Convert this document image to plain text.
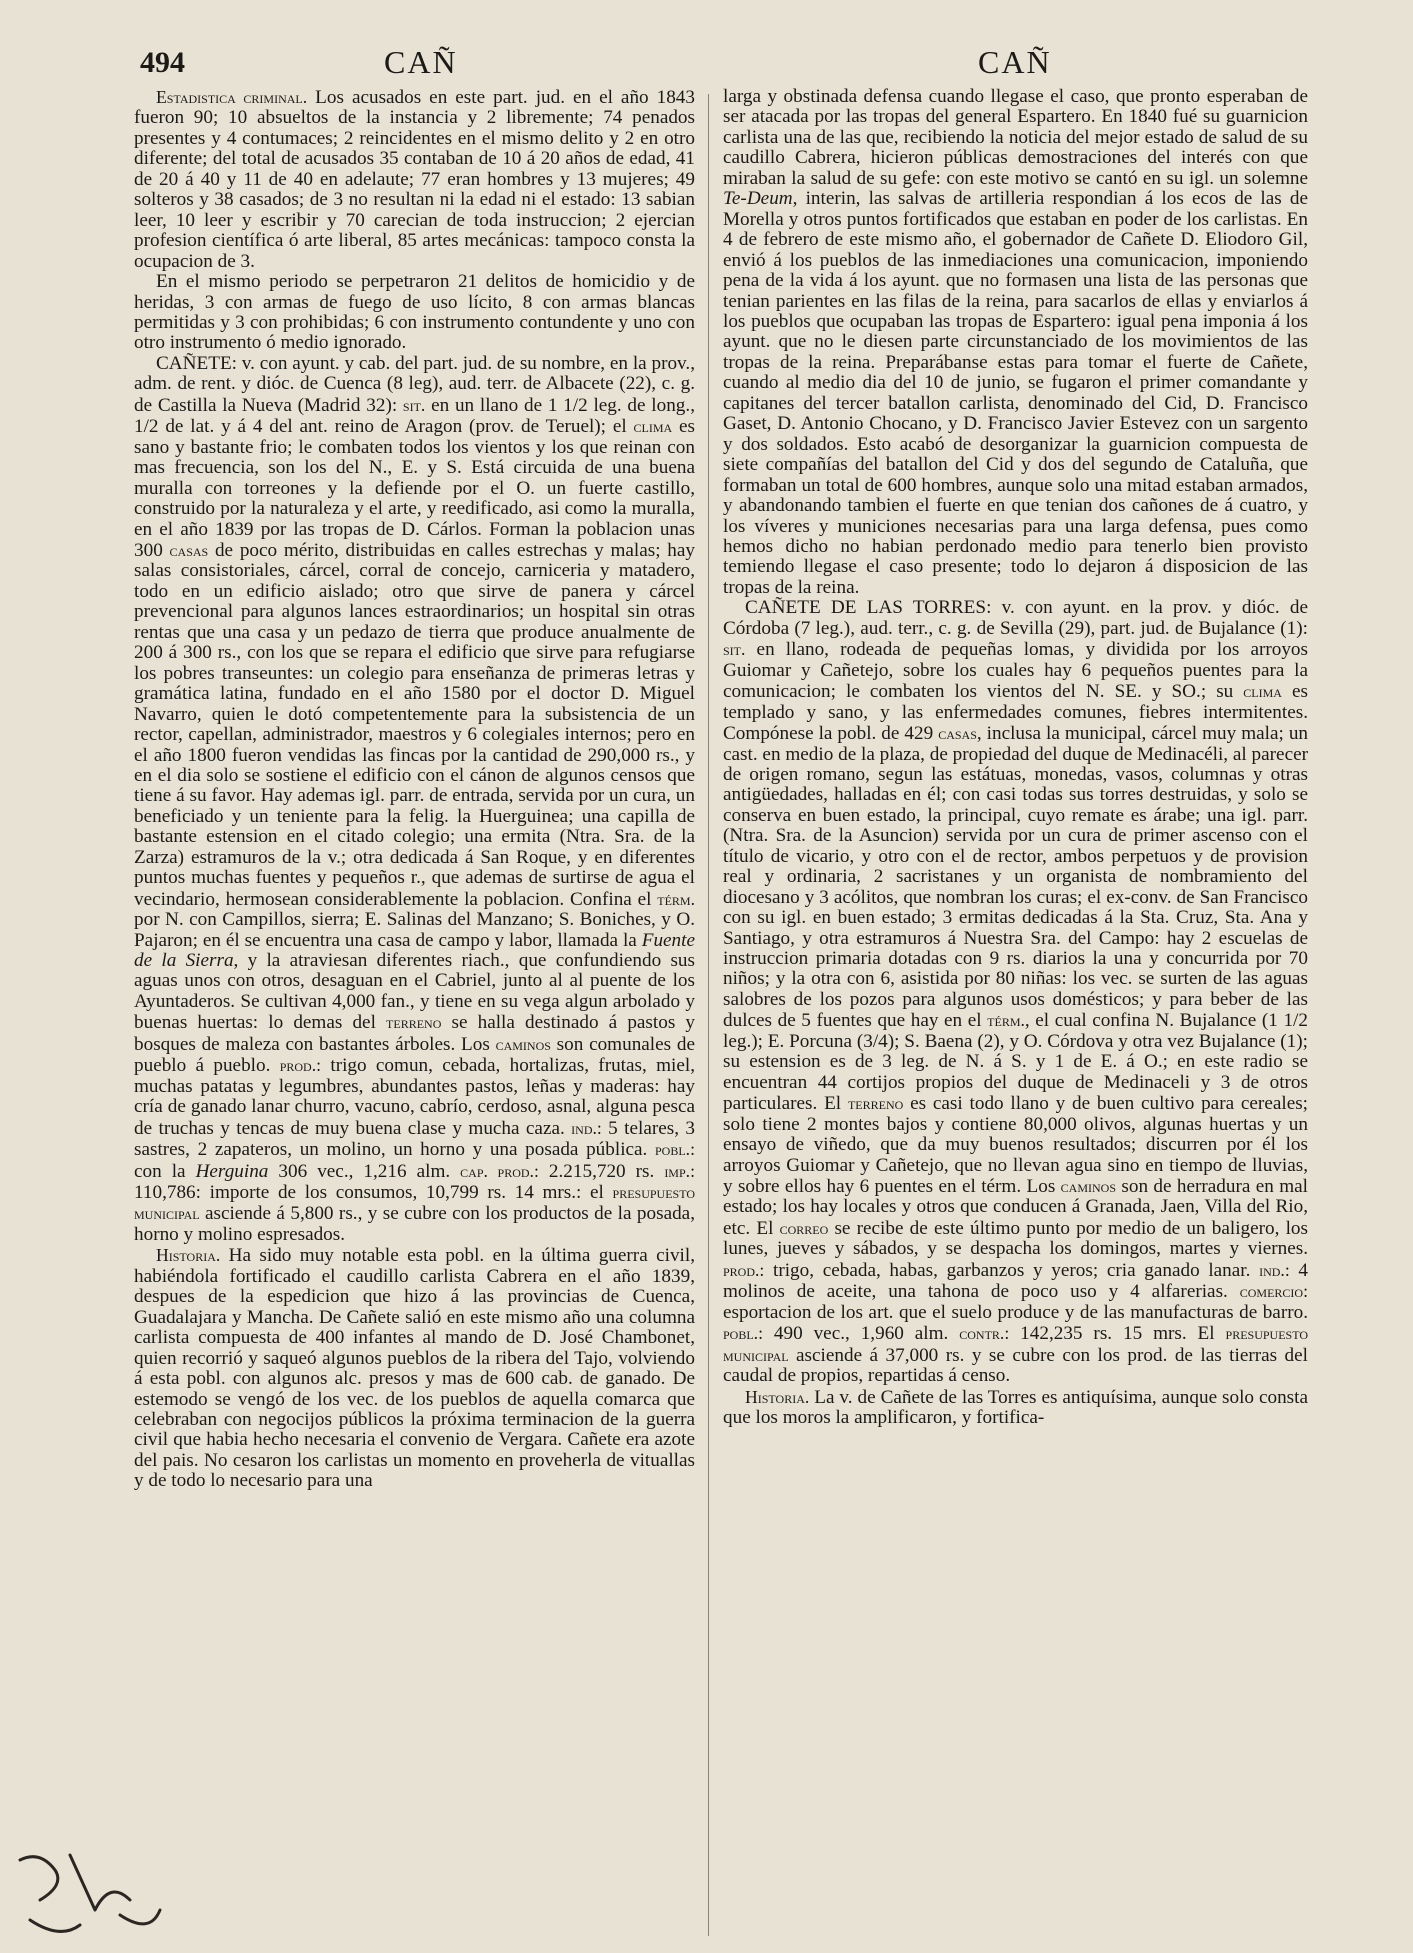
494	CAÑ	CAÑ

Estadistica criminal. Los acusados en este part. jud. en el año 1843 fueron 90; 10 absueltos de la instancia y 2 libremente; 74 penados presentes y 4 contumaces; 2 reincidentes en el mismo delito y 2 en otro diferente; del total de acusados 35 contaban de 10 á 20 años de edad, 41 de 20 á 40 y 11 de 40 en adelaute; 77 eran hombres y 13 mujeres; 49 solteros y 38 casados; de 3 no resultan ni la edad ni el estado: 13 sabian leer, 10 leer y escribir y 70 carecian de toda instruccion; 2 ejercian profesion científica ó arte liberal, 85 artes mecánicas: tampoco consta la ocupacion de 3.

En el mismo periodo se perpetraron 21 delitos de homicidio y de heridas, 3 con armas de fuego de uso lícito, 8 con armas blancas permitidas y 3 con prohibidas; 6 con instrumento contundente y uno con otro instrumento ó medio ignorado.

CAÑETE: v. con ayunt. y cab. del part. jud. de su nombre, en la prov., adm. de rent. y dióc. de Cuenca (8 leg), aud. terr. de Albacete (22), c. g. de Castilla la Nueva (Madrid 32): sit. en un llano de 1 1/2 leg. de long., 1/2 de lat. y á 4 del ant. reino de Aragon (prov. de Teruel); el clima es sano y bastante frio; le combaten todos los vientos y los que reinan con mas frecuencia, son los del N., E. y S. Está circuida de una buena muralla con torreones y la defiende por el O. un fuerte castillo, construido por la naturaleza y el arte, y reedificado, asi como la muralla, en el año 1839 por las tropas de D. Cárlos. Forman la poblacion unas 300 casas de poco mérito, distribuidas en calles estrechas y malas; hay salas consistoriales, cárcel, corral de concejo, carniceria y matadero, todo en un edificio aislado; otro que sirve de panera y cárcel prevencional para algunos lances estraordinarios; un hospital sin otras rentas que una casa y un pedazo de tierra que produce anualmente de 200 á 300 rs., con los que se repara el edificio que sirve para refugiarse los pobres transeuntes: un colegio para enseñanza de primeras letras y gramática latina, fundado en el año 1580 por el doctor D. Miguel Navarro, quien le dotó competentemente para la subsistencia de un rector, capellan, administrador, maestros y 6 colegiales internos; pero en el año 1800 fueron vendidas las fincas por la cantidad de 290,000 rs., y en el dia solo se sostiene el edificio con el cánon de algunos censos que tiene á su favor. Hay ademas igl. parr. de entrada, servida por un cura, un beneficiado y un teniente para la felig. la Huerguinea; una capilla de bastante estension en el citado colegio; una ermita (Ntra. Sra. de la Zarza) estramuros de la v.; otra dedicada á San Roque, y en diferentes puntos muchas fuentes y pequeños r., que ademas de surtirse de agua el vecindario, hermosean considerablemente la poblacion. Confina el térm. por N. con Campillos, sierra; E. Salinas del Manzano; S. Boniches, y O. Pajaron; en él se encuentra una casa de campo y labor, llamada la Fuente de la Sierra, y la atraviesan diferentes riach., que confundiendo sus aguas unos con otros, desaguan en el Cabriel, junto al al puente de los Ayuntaderos. Se cultivan 4,000 fan., y tiene en su vega algun arbolado y buenas huertas: lo demas del terreno se halla destinado á pastos y bosques de maleza con bastantes árboles. Los caminos son comunales de pueblo á pueblo. prod.: trigo comun, cebada, hortalizas, frutas, miel, muchas patatas y legumbres, abundantes pastos, leñas y maderas: hay cría de ganado lanar churro, vacuno, cabrío, cerdoso, asnal, alguna pesca de truchas y tencas de muy buena clase y mucha caza. ind.: 5 telares, 3 sastres, 2 zapateros, un molino, un horno y una posada pública. pobl.: con la Herguina 306 vec., 1,216 alm. cap. prod.: 2.215,720 rs. imp.: 110,786: importe de los consumos, 10,799 rs. 14 mrs.: el presupuesto municipal asciende á 5,800 rs., y se cubre con los productos de la posada, horno y molino espresados.

Historia. Ha sido muy notable esta pobl. en la última guerra civil, habiéndola fortificado el caudillo carlista Cabrera en el año 1839, despues de la espedicion que hizo á las provincias de Cuenca, Guadalajara y Mancha. De Cañete salió en este mismo año una columna carlista compuesta de 400 infantes al mando de D. José Chambonet, quien recorrió y saqueó algunos pueblos de la ribera del Tajo, volviendo á esta pobl. con algunos alc. presos y mas de 600 cab. de ganado. De estemodo se vengó de los vec. de los pueblos de aquella comarca que celebraban con negocijos públicos la próxima terminacion de la guerra civil que habia hecho necesaria el convenio de Vergara. Cañete era azote del pais. No cesaron los carlistas un momento en proveherla de vituallas y de todo lo necesario para una

larga y obstinada defensa cuando llegase el caso, que pronto esperaban de ser atacada por las tropas del general Espartero. En 1840 fué su guarnicion carlista una de las que, recibiendo la noticia del mejor estado de salud de su caudillo Cabrera, hicieron públicas demostraciones del interés con que miraban la salud de su gefe: con este motivo se cantó en su igl. un solemne Te-Deum, interin, las salvas de artilleria respondian á los ecos de las de Morella y otros puntos fortificados que estaban en poder de los carlistas. En 4 de febrero de este mismo año, el gobernador de Cañete D. Eliodoro Gil, envió á los pueblos de las inmediaciones una comunicacion, imponiendo pena de la vida á los ayunt. que no formasen una lista de las personas que tenian parientes en las filas de la reina, para sacarlos de ellas y enviarlos á los pueblos que ocupaban las tropas de Espartero: igual pena imponia á los ayunt. que no le diesen parte circunstanciado de los movimientos de las tropas de la reina. Preparábanse estas para tomar el fuerte de Cañete, cuando al medio dia del 10 de junio, se fugaron el primer comandante y capitanes del tercer batallon carlista, denominado del Cid, D. Francisco Gaset, D. Antonio Chocano, y D. Francisco Javier Estevez con un sargento y dos soldados. Esto acabó de desorganizar la guarnicion compuesta de siete compañías del batallon del Cid y dos del segundo de Cataluña, que formaban un total de 600 hombres, aunque solo una mitad estaban armados, y abandonando tambien el fuerte en que tenian dos cañones de á cuatro, y los víveres y municiones necesarias para una larga defensa, pues como hemos dicho no habian perdonado medio para tenerlo bien provisto temiendo llegase el caso presente; todo lo dejaron á disposicion de las tropas de la reina.

CAÑETE DE LAS TORRES: v. con ayunt. en la prov. y dióc. de Córdoba (7 leg.), aud. terr., c. g. de Sevilla (29), part. jud. de Bujalance (1): sit. en llano, rodeada de pequeñas lomas, y dividida por los arroyos Guiomar y Cañetejo, sobre los cuales hay 6 pequeños puentes para la comunicacion; le combaten los vientos del N. SE. y SO.; su clima es templado y sano, y las enfermedades comunes, fiebres intermitentes. Compónese la pobl. de 429 casas, inclusa la municipal, cárcel muy mala; un cast. en medio de la plaza, de propiedad del duque de Medinacéli, al parecer de origen romano, segun las estátuas, monedas, vasos, columnas y otras antigüedades, halladas en él; con casi todas sus torres destruidas, y solo se conserva en buen estado, la principal, cuyo remate es árabe; una igl. parr. (Ntra. Sra. de la Asuncion) servida por un cura de primer ascenso con el título de vicario, y otro con el de rector, ambos perpetuos y de provision real y ordinaria, 2 sacristanes y un organista de nombramiento del diocesano y 3 acólitos, que nombran los curas; el ex-conv. de San Francisco con su igl. en buen estado; 3 ermitas dedicadas á la Sta. Cruz, Sta. Ana y Santiago, y otra estramuros á Nuestra Sra. del Campo: hay 2 escuelas de instruccion primaria dotadas con 9 rs. diarios la una y concurrida por 70 niños; y la otra con 6, asistida por 80 niñas: los vec. se surten de las aguas salobres de los pozos para algunos usos domésticos; y para beber de las dulces de 5 fuentes que hay en el térm., el cual confina N. Bujalance (1 1/2 leg.); E. Porcuna (3/4); S. Baena (2), y O. Córdova y otra vez Bujalance (1); su estension es de 3 leg. de N. á S. y 1 de E. á O.; en este radio se encuentran 44 cortijos propios del duque de Medinaceli y 3 de otros particulares. El terreno es casi todo llano y de buen cultivo para cereales; solo tiene 2 montes bajos y contiene 80,000 olivos, algunas huertas y un ensayo de viñedo, que da muy buenos resultados; discurren por él los arroyos Guiomar y Cañetejo, que no llevan agua sino en tiempo de lluvias, y sobre ellos hay 6 puentes en el térm. Los caminos son de herradura en mal estado; los hay locales y otros que conducen á Granada, Jaen, Villa del Rio, etc. El correo se recibe de este último punto por medio de un baligero, los lunes, jueves y sábados, y se despacha los domingos, martes y viernes. prod.: trigo, cebada, habas, garbanzos y yeros; cria ganado lanar. ind.: 4 molinos de aceite, una tahona de poco uso y 4 alfarerias. comercio: esportacion de los art. que el suelo produce y de las manufacturas de barro. pobl.: 490 vec., 1,960 alm. contr.: 142,235 rs. 15 mrs. El presupuesto municipal asciende á 37,000 rs. y se cubre con los prod. de las tierras del caudal de propios, repartidas á censo.

Historia. La v. de Cañete de las Torres es antiquísima, aunque solo consta que los moros la amplificaron, y fortifica-
